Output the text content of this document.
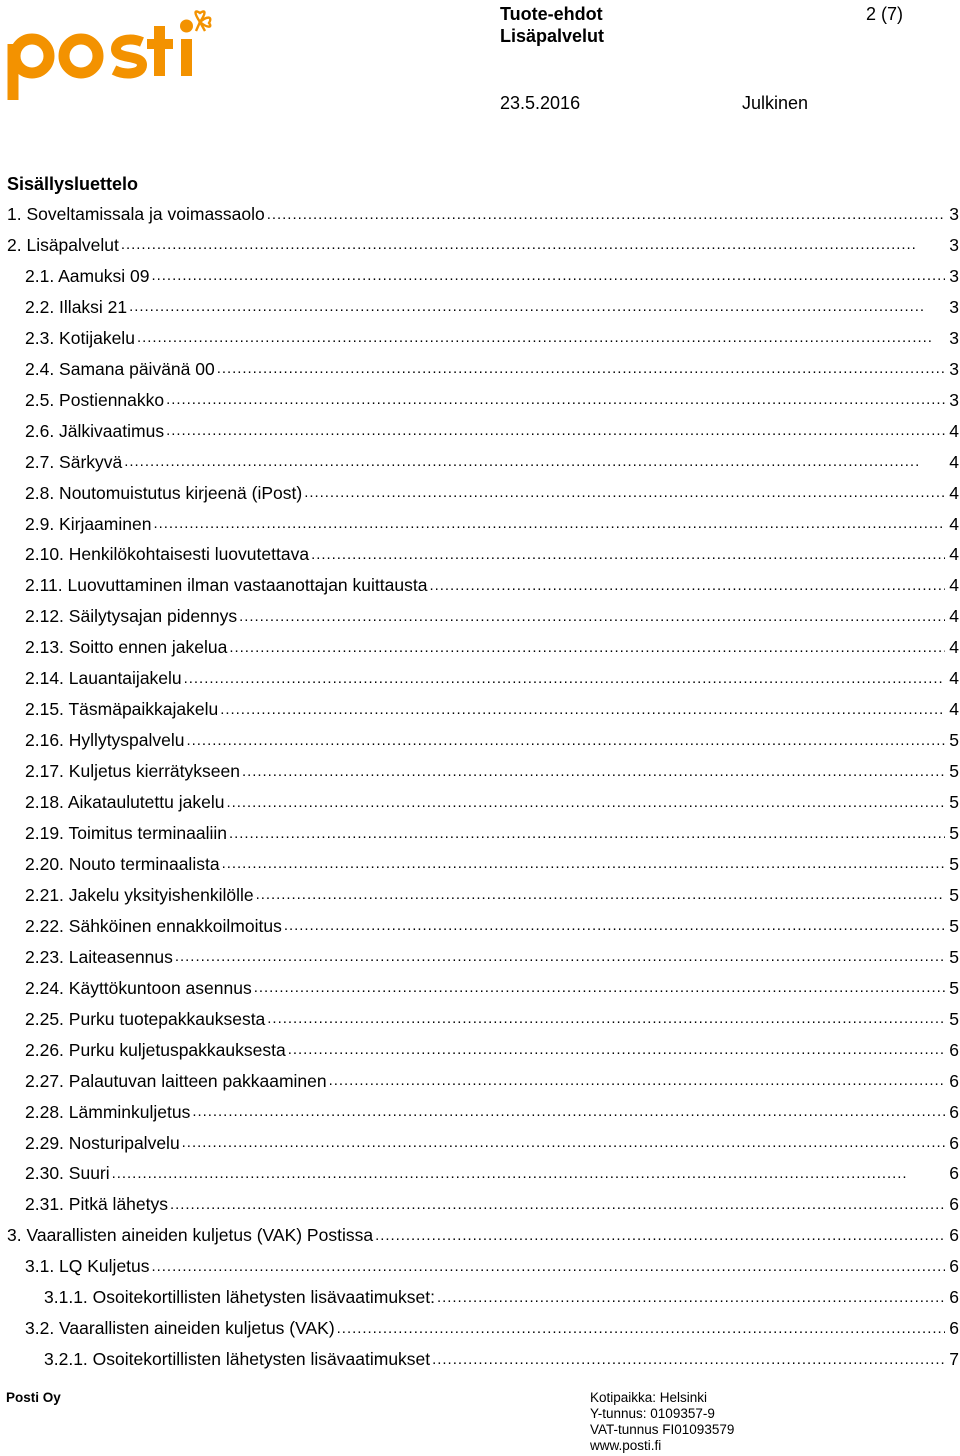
Tuote-ehdot
Lisäpalvelut
2 (7)
23.5.2016	Julkinen
Sisällysluettelo
1. Soveltamissala ja voimassaolo . . .	3
2. Lisäpalvelut . . .	3
2.1. Aamuksi 09 . . .	3
2.2. Illaksi 21 . . .	3
2.3. Kotijakelu . . .	3
2.4. Samana päivänä 00 . . .	3
2.5. Postiennakko . . .	3
2.6. Jälkivaatimus . . .	4
2.7. Särkyvä . . .	4
2.8. Noutomuistutus kirjeenä (iPost) . . .	4
2.9. Kirjaaminen . . .	4
2.10. Henkilökohtaisesti luovutettava . . .	4
2.11. Luovuttaminen ilman vastaanottajan kuittausta . . .	4
2.12. Säilytysajan pidennys . . .	4
2.13. Soitto ennen jakelua . . .	4
2.14. Lauantaijakelu . . .	4
2.15. Täsmäpaikkajakelu . . .	4
2.16. Hyllytyspalvelu . . .	5
2.17. Kuljetus kierrätykseen . . .	5
2.18. Aikataulutettu jakelu . . .	5
2.19. Toimitus terminaaliin . . .	5
2.20. Nouto terminaalista . . .	5
2.21. Jakelu yksityishenkilölle . . .	5
2.22. Sähköinen ennakkoilmoitus . . .	5
2.23. Laiteasennus . . .	5
2.24. Käyttökuntoon asennus . . .	5
2.25. Purku tuotepakkauksesta . . .	5
2.26. Purku kuljetuspakkauksesta . . .	6
2.27. Palautuvan laitteen pakkaaminen . . .	6
2.28. Lämminkuljetus . . .	6
2.29. Nosturipalvelu . . .	6
2.30. Suuri . . .	6
2.31. Pitkä lähetys . . .	6
3. Vaarallisten aineiden kuljetus (VAK) Postissa . . .	6
3.1. LQ Kuljetus . . .	6
3.1.1. Osoitekortillisten lähetysten lisävaatimukset: . . .	6
3.2. Vaarallisten aineiden kuljetus (VAK) . . .	6
3.2.1. Osoitekortillisten lähetysten lisävaatimukset . . .	7
Posti Oy	Kotipaikka: Helsinki
Y-tunnus: 0109357-9
VAT-tunnus FI01093579
www.posti.fi
